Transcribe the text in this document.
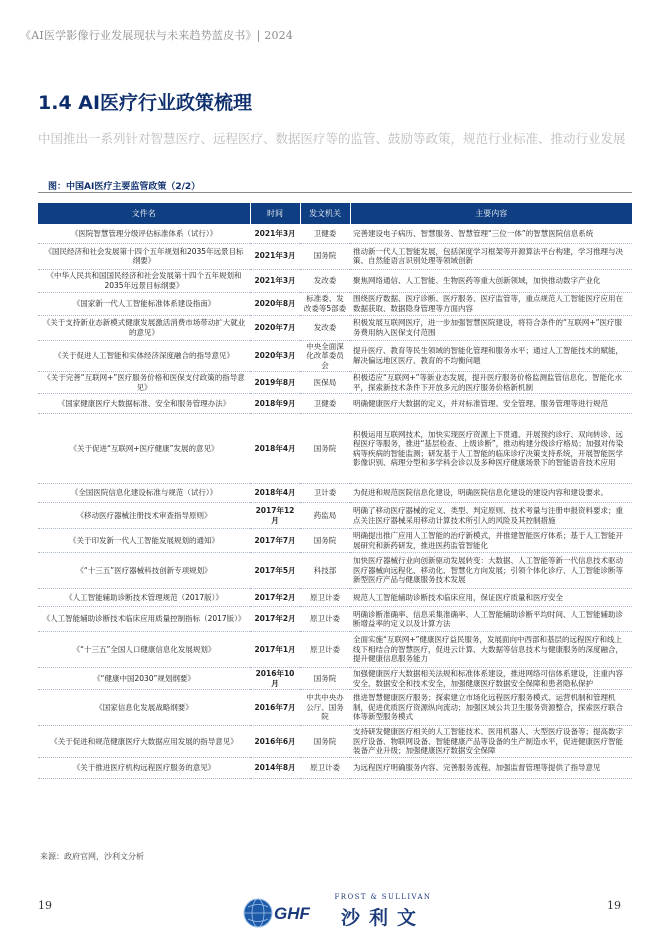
《AI医学影像行业发展现状与未来趋势蓝皮书》| 2024
1.4 AI医疗行业政策梳理
中国推出一系列针对智慧医疗、远程医疗、数据医疗等的监管、鼓励等政策，规范行业标准、推动行业发展
图：中国AI医疗主要监管政策（2/2）
文件名	时间	发文机关	主要内容
《医院智慧管理分级评估标准体系（试行）》	2021年3月	卫健委	完善建设电子病历、智慧服务、智慧管理“三位一体”的智慧医院信息系统
《国民经济和社会发展第十四个五年规划和2035年远景目标纲要》	2021年3月	国务院	推动新一代人工智能发展，包括深度学习框架等开源算法平台构建，学习推理与决策、自然能语言识别处理等领域创新
《中华人民共和国国民经济和社会发展第十四个五年规划和2035年远景目标纲要》	2021年3月	发改委	聚焦网络通信、人工智能、生物医药等重大创新领域，加快推动数字产业化
《国家新一代人工智能标准体系建设指南》	2020年8月	标准委、发改委等5部委	围绕医疗数据、医疗诊断、医疗服务、医疗监管等，重点规范人工智能医疗应用在数据获取、数据隐身管理等方面内容
《关于支持新业态新模式健康发展激活消费市场带动扩大就业的意见》	2020年7月	发改委	积极发展互联网医疗，进一步加强智慧医院建设，将符合条件的“互联网+”医疗服务费用纳入医保支付范围
《关于促进人工智能和实体经济深度融合的指导意见》	2020年3月	中央全面深化改革委员会	提升医疗、教育等民生领域的智能化管理和服务水平；通过人工智能技术的赋能，解决偏远地区医疗、教育的不均衡问题
《关于完善“互联网+”医疗服务价格和医保支付政策的指导意见》	2019年8月	医保局	积极适应“互联网+”等新业态发展，提升医疗服务价格监测监管信息化、智能化水平，探索新技术条件下开放多元的医疗服务价格新机制
《国家健康医疗大数据标准、安全和服务管理办法》	2018年9月	卫健委	明确健康医疗大数据的定义，并对标准管理、安全管理、服务管理等进行规范
《关于促进“互联网+医疗健康”发展的意见》	2018年4月	国务院	积极运用互联网技术，加快实现医疗资源上下贯通、开展预约诊疗、双向转诊、远程医疗等服务，推进“基层检查、上级诊断”，推动构建分级诊疗格局；加强对传染病等疾病的智能监测；研发基于人工智能的临床诊疗决策支持系统，开展智能医学影像识别、病理分型和多学科会诊以及多种医疗健康场景下的智能语音技术应用
《全国医院信息化建设标准与规范（试行）》	2018年4月	卫计委	为促进和规范医院信息化建设，明确医院信息化建设的建设内容和建设要求。
《移动医疗器械注册技术审查指导原则》	2017年12月	药监局	明确了移动医疗器械的定义、类型、判定原则、技术考量与注册申报资料要求；重点关注医疗器械采用移动计算技术所引入的风险及其控制措施
《关于印发新一代人工智能发展规划的通知》	2017年7月	国务院	明确提出推广应用人工智能的治疗新模式，并推建智能医疗体系；基于人工智能开展研究和新药研发，推进医药监管智能化
《“十三五”医疗器械科技创新专项规划》	2017年5月	科技部	加快医疗器械行业向创新驱动发展转变：大数据、人工智能等新一代信息技术驱动医疗器械向远程化、移动化、智慧化方向发展；引领个体化诊疗、人工智能诊断等新型医疗产品与健康服务技术发展
《人工智能辅助诊断技术管理规范（2017版）》	2017年2月	原卫计委	规范人工智能辅助诊断技术临床应用，保证医疗质量和医疗安全
《人工智能辅助诊断技术临床应用质量控制指标（2017版）》	2017年2月	原卫计委	明确诊断准确率、信息采集准确率、人工智能辅助诊断平均时间、人工智能辅助诊断增益率的定义以及计算方法
《“十三五”全国人口健康信息化发展规划》	2017年1月	原卫计委	全面实施“互联网+”健康医疗益民服务，发展面向中西部和基层的远程医疗和线上线下相结合的智慧医疗，促进云计算、大数据等信息技术与健康服务的深度融合，提升健康信息服务能力
《“健康中国2030”规划纲要》	2016年10月	国务院	加强健康医疗大数据相关法规和标准体系建设，推进网络可信体系建设，注重内容安全、数据安全和技术安全，加强健康医疗数据安全保障和患者隐私保护
《国家信息化发展战略纲要》	2016年7月	中共中央办公厅、国务院	推进智慧健康医疗服务；探索建立市场化远程医疗服务模式、运营机制和管理机制，促进优质医疗资源纵向流动；加强区域公共卫生服务资源整合，探索医疗联合体等新型服务模式
《关于促进和规范健康医疗大数据应用发展的指导意见》	2016年6月	国务院	支持研发健康医疗相关的人工智能技术、医用机器人、大型医疗设备等；提高数字医疗设备、物联网设备、智能健康产品等设备的生产制造水平，促进健康医疗智能装备产业升级；加强健康医疗数据安全保障
《关于推进医疗机构远程医疗服务的意见》	2014年8月	原卫计委	为远程医疗明确服务内容、完善服务流程、加强监督管理等提供了指导意见
来源：政府官网，沙利文分析
19	19
GHF
FROST & SULLIVAN
沙利文
